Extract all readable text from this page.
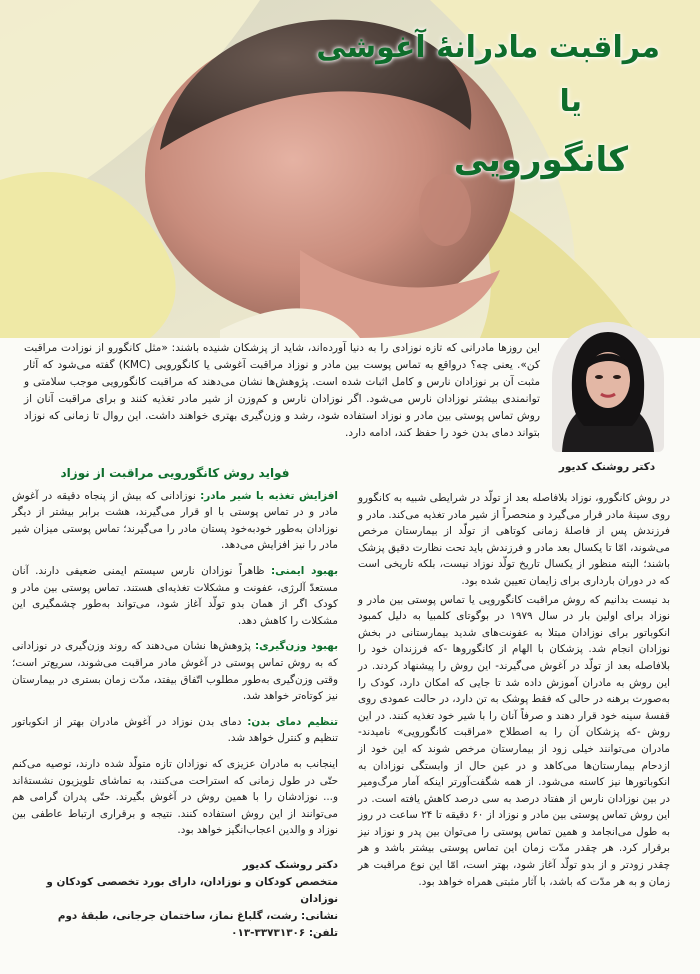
مراقبت مادرانۀ آغوشی
یا
کانگورویی
این روزها مادرانی که تازه نوزادی را به دنیا آورده‌اند، شاید از پزشکان شنیده باشند: «مثل کانگورو از نوزادت مراقبت کن». یعنی چه؟ درواقع به تماس پوست بین مادر و نوزاد مراقبت آغوشی یا کانگورویی (KMC) گفته می‌شود که آثار مثبت آن بر نوزادان نارس و کامل اثبات شده است. پژوهش‌ها نشان می‌دهند که مراقبت کانگورویی موجب سلامتی و توانمندی بیشتر نوزادان نارس می‌شود. اگر نوزادان نارس و کم‌وزن از شیر مادر تغذیه کنند و برای مراقبت آنان از روش تماس پوستی بین مادر و نوزاد استفاده شود، رشد و وزن‌گیری بهتری خواهند داشت. این روال تا زمانی که نوزاد بتواند دمای بدن خود را حفظ کند، ادامه دارد.
دکتر روشنک کدیور

در روش کانگورو، نوزاد بلافاصله بعد از تولّد در شرایطی شبیه به کانگورو روی سینۀ مادر قرار می‌گیرد و منحصراً از شیر مادر تغذیه می‌کند. مادر و فرزندش پس از فاصلۀ زمانی کوتاهی از تولّد از بیمارستان مرخص می‌شوند، امّا تا یکسال بعد مادر و فرزندش باید تحت نظارت دقیق پزشک باشند؛ البته منظور از یکسال تاریخ تولّد نوزاد نیست، بلکه تاریخی است که در دوران بارداری برای زایمان تعیین شده بود.

بد نیست بدانیم که روش مراقبت کانگورویی یا تماس پوستی بین مادر و نوزاد برای اولین بار در سال ۱۹۷۹ در بوگوتای کلمبیا به دلیل کمبود انکوباتور برای نوزادان مبتلا به عفونت‌های شدید بیمارستانی در بخش نوزادان انجام شد. پزشکان با الهام از کانگوروها -که فرزندان خود را بلافاصله بعد از تولّد در آغوش می‌گیرند- این روش را پیشنهاد کردند. در این روش به مادران آموزش داده شد تا جایی که امکان دارد، کودک را به‌صورت برهنه در حالی که فقط پوشک به تن دارد، در حالت عمودی روی قفسۀ سینه خود قرار دهند و صرفاً آنان را با شیر خود تغذیه کنند. در این روش -که پزشکان آن را به اصطلاح «مراقبت کانگورویی» نامیدند- مادران می‌توانند خیلی زود از بیمارستان مرخص شوند که این خود از ازدحام بیمارستان‌ها می‌کاهد و در عین حال از وابستگی نوزادان به انکوباتورها نیز کاسته می‌شود. از همه شگفت‌آورتر اینکه آمار مرگ‌ومیر در بین نوزادان نارس از هفتاد درصد به سی درصد کاهش یافته است. در این روش تماس پوستی بین مادر و نوزاد از ۶۰ دقیقه تا ۲۴ ساعت در روز به طول می‌انجامد و همین تماس پوستی را می‌توان بین پدر و نوزاد نیز برقرار کرد. هر چقدر مدّت زمان این تماس پوستی بیشتر باشد و هر چقدر زودتر و از بدو تولّد آغاز شود، بهتر است، امّا این نوع مراقبت هر زمان و به هر مدّت که باشد، با آثار مثبتی همراه خواهد بود.

فواید روش کانگورویی مراقبت از نوزاد
افزایش تغذیه با شیر مادر: نوزادانی که بیش از پنجاه دقیقه در آغوش مادر و در تماس پوستی با او قرار می‌گیرند، هشت برابر بیشتر از دیگر نوزادان به‌طور خودبه‌خود پستان مادر را می‌گیرند؛ تماس پوستی میزان شیر مادر را نیز افزایش می‌دهد.
بهبود ایمنی: ظاهراً نوزادان نارس سیستم ایمنی ضعیفی دارند. آنان مستعدّ آلرژی، عفونت و مشکلات تغذیه‌ای هستند. تماس پوستی بین مادر و کودک اگر از همان بدو تولّد آغاز شود، می‌تواند به‌طور چشمگیری این مشکلات را کاهش دهد.
بهبود وزن‌گیری: پژوهش‌ها نشان می‌دهند که روند وزن‌گیری در نوزادانی که به روش تماس پوستی در آغوش مادر مراقبت می‌شوند، سریع‌تر است؛ وقتی وزن‌گیری به‌طور مطلوب اتّفاق بیفتد، مدّت زمان بستری در بیمارستان نیز کوتاه‌تر خواهد شد.
تنظیم دمای بدن: دمای بدن نوزاد در آغوش مادران بهتر از انکوباتور تنظیم و کنترل خواهد شد.

اینجانب به مادران عزیزی که نوزادان تازه متولّد شده دارند، توصیه می‌کنم حتّی در طول زمانی که استراحت می‌کنند، به تماشای تلویزیون نشستۀاند و... نوزادشان را با همین روش در آغوش بگیرند. حتّی پدران گرامی هم می‌توانند از این روش استفاده کنند. نتیجه و برقراری ارتباط عاطفی بین نوزاد و والدین اعجاب‌انگیز خواهد بود.

دکتر روشنک کدیور
متخصص کودکان و نوزادان، دارای بورد تخصصی کودکان و نوزادان
نشانی: رشت، گلباغ نماز، ساختمان جرجانی، طبقۀ دوم
تلفن: ۳۳۷۳۱۳۰۶-۰۱۳
